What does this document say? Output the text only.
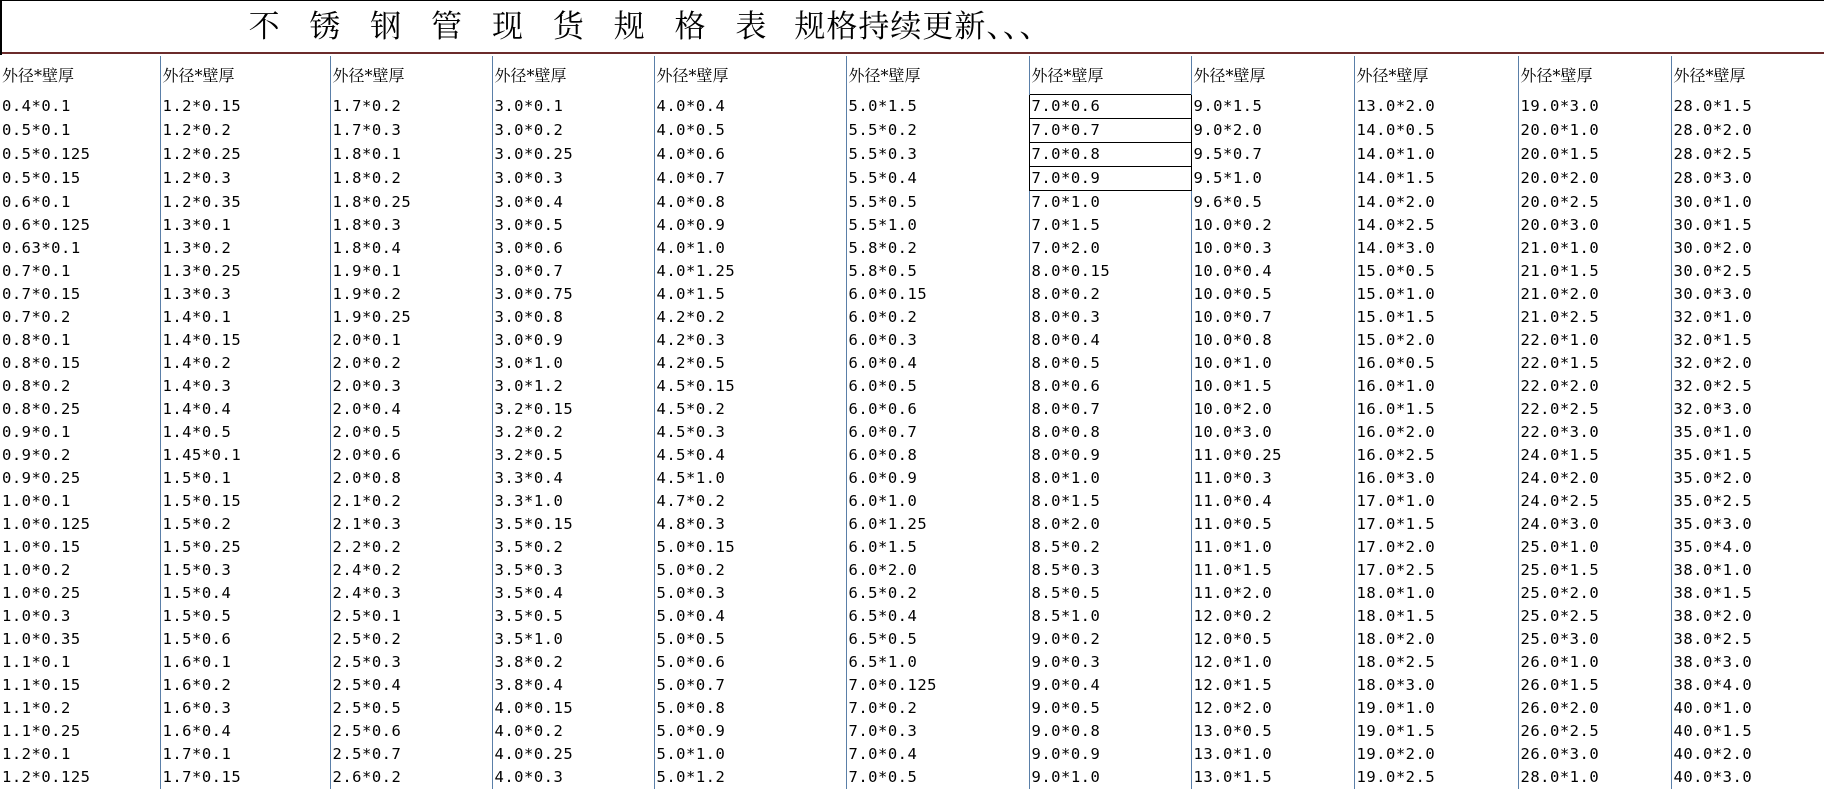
不 锈 钢 管 现 货 规 格 表 规格持续更新、、、
外径*壁厚	外径*壁厚	外径*壁厚	外径*壁厚	外径*壁厚	外径*壁厚	外径*壁厚	外径*壁厚	外径*壁厚	外径*壁厚	外径*壁厚
0.4*0.1	1.2*0.15	1.7*0.2	3.0*0.1	4.0*0.4	5.0*1.5	7.0*0.6	9.0*1.5	13.0*2.0	19.0*3.0	28.0*1.5
0.5*0.1	1.2*0.2	1.7*0.3	3.0*0.2	4.0*0.5	5.5*0.2	7.0*0.7	9.0*2.0	14.0*0.5	20.0*1.0	28.0*2.0
0.5*0.125	1.2*0.25	1.8*0.1	3.0*0.25	4.0*0.6	5.5*0.3	7.0*0.8	9.5*0.7	14.0*1.0	20.0*1.5	28.0*2.5
0.5*0.15	1.2*0.3	1.8*0.2	3.0*0.3	4.0*0.7	5.5*0.4	7.0*0.9	9.5*1.0	14.0*1.5	20.0*2.0	28.0*3.0
0.6*0.1	1.2*0.35	1.8*0.25	3.0*0.4	4.0*0.8	5.5*0.5	7.0*1.0	9.6*0.5	14.0*2.0	20.0*2.5	30.0*1.0
0.6*0.125	1.3*0.1	1.8*0.3	3.0*0.5	4.0*0.9	5.5*1.0	7.0*1.5	10.0*0.2	14.0*2.5	20.0*3.0	30.0*1.5
0.63*0.1	1.3*0.2	1.8*0.4	3.0*0.6	4.0*1.0	5.8*0.2	7.0*2.0	10.0*0.3	14.0*3.0	21.0*1.0	30.0*2.0
0.7*0.1	1.3*0.25	1.9*0.1	3.0*0.7	4.0*1.25	5.8*0.5	8.0*0.15	10.0*0.4	15.0*0.5	21.0*1.5	30.0*2.5
0.7*0.15	1.3*0.3	1.9*0.2	3.0*0.75	4.0*1.5	6.0*0.15	8.0*0.2	10.0*0.5	15.0*1.0	21.0*2.0	30.0*3.0
0.7*0.2	1.4*0.1	1.9*0.25	3.0*0.8	4.2*0.2	6.0*0.2	8.0*0.3	10.0*0.7	15.0*1.5	21.0*2.5	32.0*1.0
0.8*0.1	1.4*0.15	2.0*0.1	3.0*0.9	4.2*0.3	6.0*0.3	8.0*0.4	10.0*0.8	15.0*2.0	22.0*1.0	32.0*1.5
0.8*0.15	1.4*0.2	2.0*0.2	3.0*1.0	4.2*0.5	6.0*0.4	8.0*0.5	10.0*1.0	16.0*0.5	22.0*1.5	32.0*2.0
0.8*0.2	1.4*0.3	2.0*0.3	3.0*1.2	4.5*0.15	6.0*0.5	8.0*0.6	10.0*1.5	16.0*1.0	22.0*2.0	32.0*2.5
0.8*0.25	1.4*0.4	2.0*0.4	3.2*0.15	4.5*0.2	6.0*0.6	8.0*0.7	10.0*2.0	16.0*1.5	22.0*2.5	32.0*3.0
0.9*0.1	1.4*0.5	2.0*0.5	3.2*0.2	4.5*0.3	6.0*0.7	8.0*0.8	10.0*3.0	16.0*2.0	22.0*3.0	35.0*1.0
0.9*0.2	1.45*0.1	2.0*0.6	3.2*0.5	4.5*0.4	6.0*0.8	8.0*0.9	11.0*0.25	16.0*2.5	24.0*1.5	35.0*1.5
0.9*0.25	1.5*0.1	2.0*0.8	3.3*0.4	4.5*1.0	6.0*0.9	8.0*1.0	11.0*0.3	16.0*3.0	24.0*2.0	35.0*2.0
1.0*0.1	1.5*0.15	2.1*0.2	3.3*1.0	4.7*0.2	6.0*1.0	8.0*1.5	11.0*0.4	17.0*1.0	24.0*2.5	35.0*2.5
1.0*0.125	1.5*0.2	2.1*0.3	3.5*0.15	4.8*0.3	6.0*1.25	8.0*2.0	11.0*0.5	17.0*1.5	24.0*3.0	35.0*3.0
1.0*0.15	1.5*0.25	2.2*0.2	3.5*0.2	5.0*0.15	6.0*1.5	8.5*0.2	11.0*1.0	17.0*2.0	25.0*1.0	35.0*4.0
1.0*0.2	1.5*0.3	2.4*0.2	3.5*0.3	5.0*0.2	6.0*2.0	8.5*0.3	11.0*1.5	17.0*2.5	25.0*1.5	38.0*1.0
1.0*0.25	1.5*0.4	2.4*0.3	3.5*0.4	5.0*0.3	6.5*0.2	8.5*0.5	11.0*2.0	18.0*1.0	25.0*2.0	38.0*1.5
1.0*0.3	1.5*0.5	2.5*0.1	3.5*0.5	5.0*0.4	6.5*0.4	8.5*1.0	12.0*0.2	18.0*1.5	25.0*2.5	38.0*2.0
1.0*0.35	1.5*0.6	2.5*0.2	3.5*1.0	5.0*0.5	6.5*0.5	9.0*0.2	12.0*0.5	18.0*2.0	25.0*3.0	38.0*2.5
1.1*0.1	1.6*0.1	2.5*0.3	3.8*0.2	5.0*0.6	6.5*1.0	9.0*0.3	12.0*1.0	18.0*2.5	26.0*1.0	38.0*3.0
1.1*0.15	1.6*0.2	2.5*0.4	3.8*0.4	5.0*0.7	7.0*0.125	9.0*0.4	12.0*1.5	18.0*3.0	26.0*1.5	38.0*4.0
1.1*0.2	1.6*0.3	2.5*0.5	4.0*0.15	5.0*0.8	7.0*0.2	9.0*0.5	12.0*2.0	19.0*1.0	26.0*2.0	40.0*1.0
1.1*0.25	1.6*0.4	2.5*0.6	4.0*0.2	5.0*0.9	7.0*0.3	9.0*0.8	13.0*0.5	19.0*1.5	26.0*2.5	40.0*1.5
1.2*0.1	1.7*0.1	2.5*0.7	4.0*0.25	5.0*1.0	7.0*0.4	9.0*0.9	13.0*1.0	19.0*2.0	26.0*3.0	40.0*2.0
1.2*0.125	1.7*0.15	2.6*0.2	4.0*0.3	5.0*1.2	7.0*0.5	9.0*1.0	13.0*1.5	19.0*2.5	28.0*1.0	40.0*3.0
